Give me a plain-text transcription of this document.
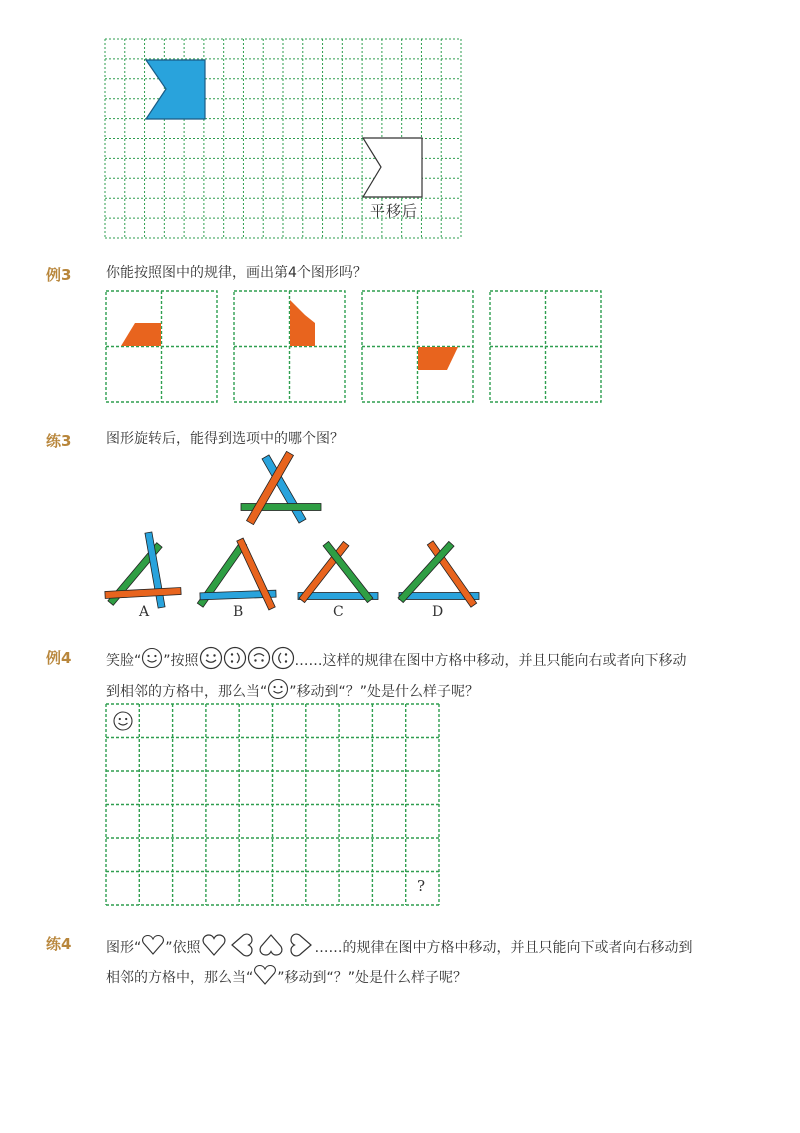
平移后
例3 你能按照图中的规律，画出第4个图形吗？
练3 图形旋转后，能得到选项中的哪个图？
A	B	C	D
例4 笑脸“ ”按照	……这样的规律在图中方格中移动，并且只能向右或者向下移动
到相邻的方格中，那么当“ ”移动到“？”处是什么样子呢？
?
练4 图形“ ”依照	……的规律在图中方格中移动，并且只能向下或者向右移动到
相邻的方格中，那么当“ ”移动到“？”处是什么样子呢？
